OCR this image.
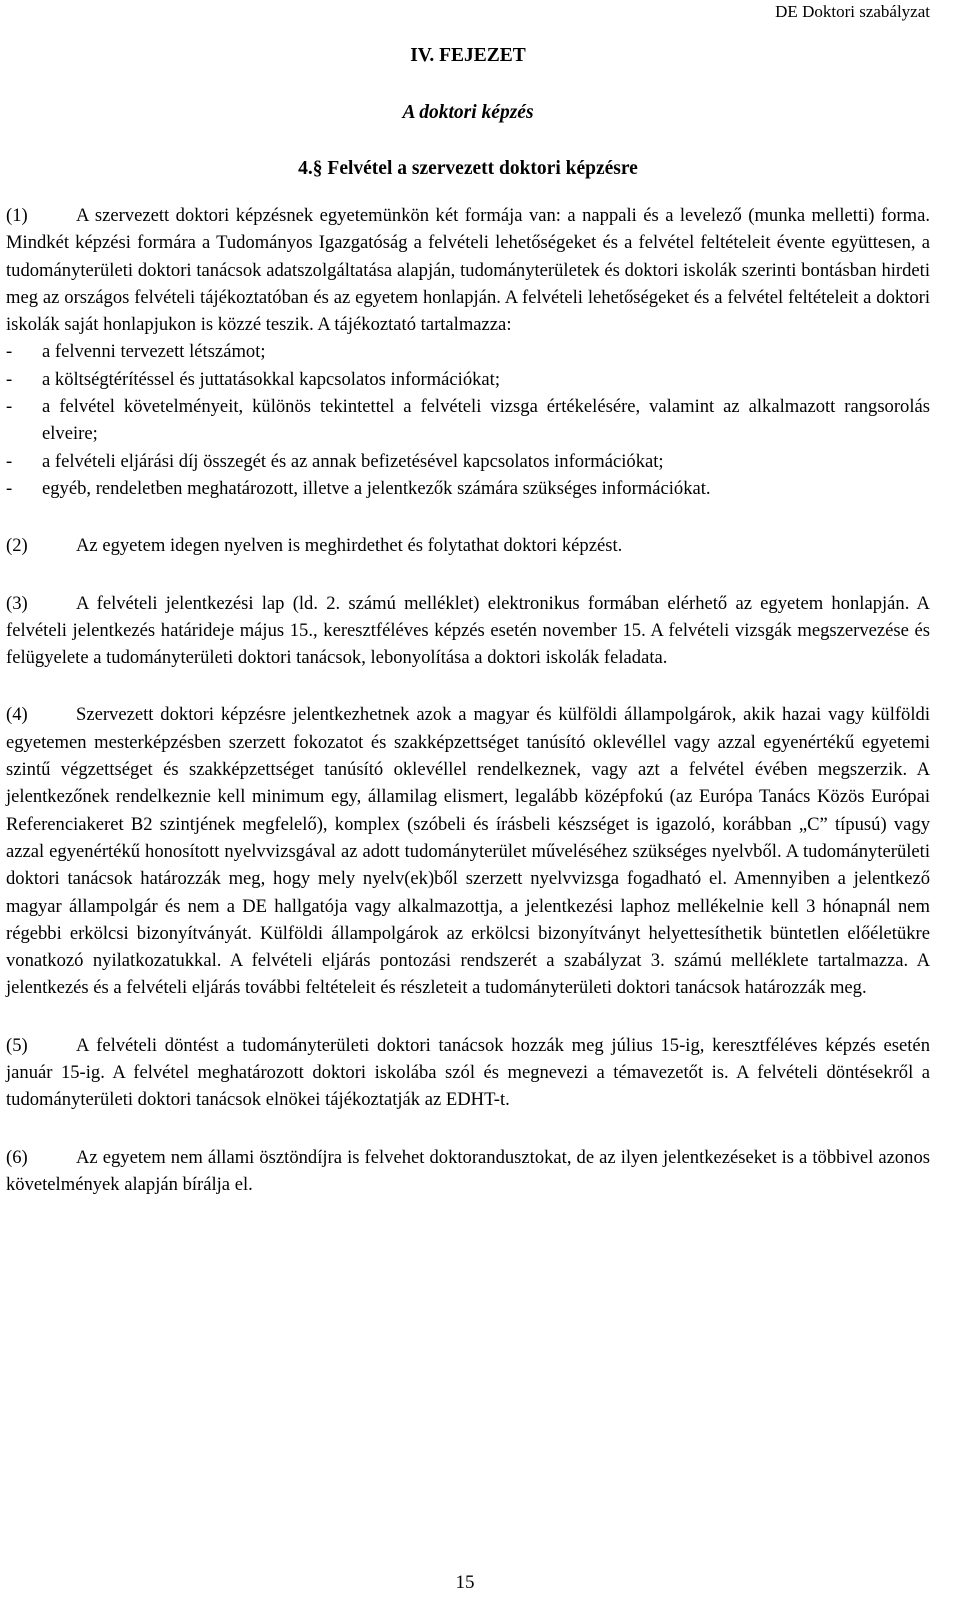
DE Doktori szabályzat
IV. FEJEZET
A doktori képzés
4.§ Felvétel a szervezett doktori képzésre

(1)	A szervezett doktori képzésnek egyetemünkön két formája van: a nappali és a levelező (munka melletti) forma. Mindkét képzési formára a Tudományos Igazgatóság a felvételi lehetőségeket és a felvétel feltételeit évente együttesen, a tudományterületi doktori tanácsok adatszolgáltatása alapján, tudományterületek és doktori iskolák szerinti bontásban hirdeti meg az országos felvételi tájékoztatóban és az egyetem honlapján. A felvételi lehetőségeket és a felvétel feltételeit a doktori iskolák saját honlapjukon is közzé teszik. A tájékoztató tartalmazza:

- a felvenni tervezett létszámot;
- a költségtérítéssel és juttatásokkal kapcsolatos információkat;
- a felvétel követelményeit, különös tekintettel a felvételi vizsga értékelésére, valamint az alkalmazott rangsorolás elveire;
- a felvételi eljárási díj összegét és az annak befizetésével kapcsolatos információkat;
- egyéb, rendeletben meghatározott, illetve a jelentkezők számára szükséges információkat.

(2)	Az egyetem idegen nyelven is meghirdethet és folytathat doktori képzést.

(3)	A felvételi jelentkezési lap (ld. 2. számú melléklet) elektronikus formában elérhető az egyetem honlapján. A felvételi jelentkezés határideje május 15., keresztféléves képzés esetén november 15. A felvételi vizsgák megszervezése és felügyelete a tudományterületi doktori tanácsok, lebonyolítása a doktori iskolák feladata.

(4)	Szervezett doktori képzésre jelentkezhetnek azok a magyar és külföldi állampolgárok, akik hazai vagy külföldi egyetemen mesterképzésben szerzett fokozatot és szakképzettséget tanúsító oklevéllel vagy azzal egyenértékű egyetemi szintű végzettséget és szakképzettséget tanúsító oklevéllel rendelkeznek, vagy azt a felvétel évében megszerzik. A jelentkezőnek rendelkeznie kell minimum egy, államilag elismert, legalább középfokú (az Európa Tanács Közös Európai Referenciakeret B2 szintjének megfelelő), komplex (szóbeli és írásbeli készséget is igazoló, korábban „C” típusú) vagy azzal egyenértékű honosított nyelvvizsgával az adott tudományterület műveléséhez szükséges nyelvből. A tudományterületi doktori tanácsok határozzák meg, hogy mely nyelv(ek)ből szerzett nyelvvizsga fogadható el. Amennyiben a jelentkező magyar állampolgár és nem a DE hallgatója vagy alkalmazottja, a jelentkezési laphoz mellékelnie kell 3 hónapnál nem régebbi erkölcsi bizonyítványát. Külföldi állampolgárok az erkölcsi bizonyítványt helyettesíthetik büntetlen előéletükre vonatkozó nyilatkozatukkal. A felvételi eljárás pontozási rendszerét a szabályzat 3. számú melléklete tartalmazza. A jelentkezés és a felvételi eljárás további feltételeit és részleteit a tudományterületi doktori tanácsok határozzák meg.

(5)	A felvételi döntést a tudományterületi doktori tanácsok hozzák meg július 15-ig, keresztféléves képzés esetén január 15-ig. A felvétel meghatározott doktori iskolába szól és megnevezi a témavezetőt is. A felvételi döntésekről a tudományterületi doktori tanácsok elnökei tájékoztatják az EDHT-t.

(6)	Az egyetem nem állami ösztöndíjra is felvehet doktorandusztokat, de az ilyen jelentkezéseket is a többivel azonos követelmények alapján bírálja el.

15
